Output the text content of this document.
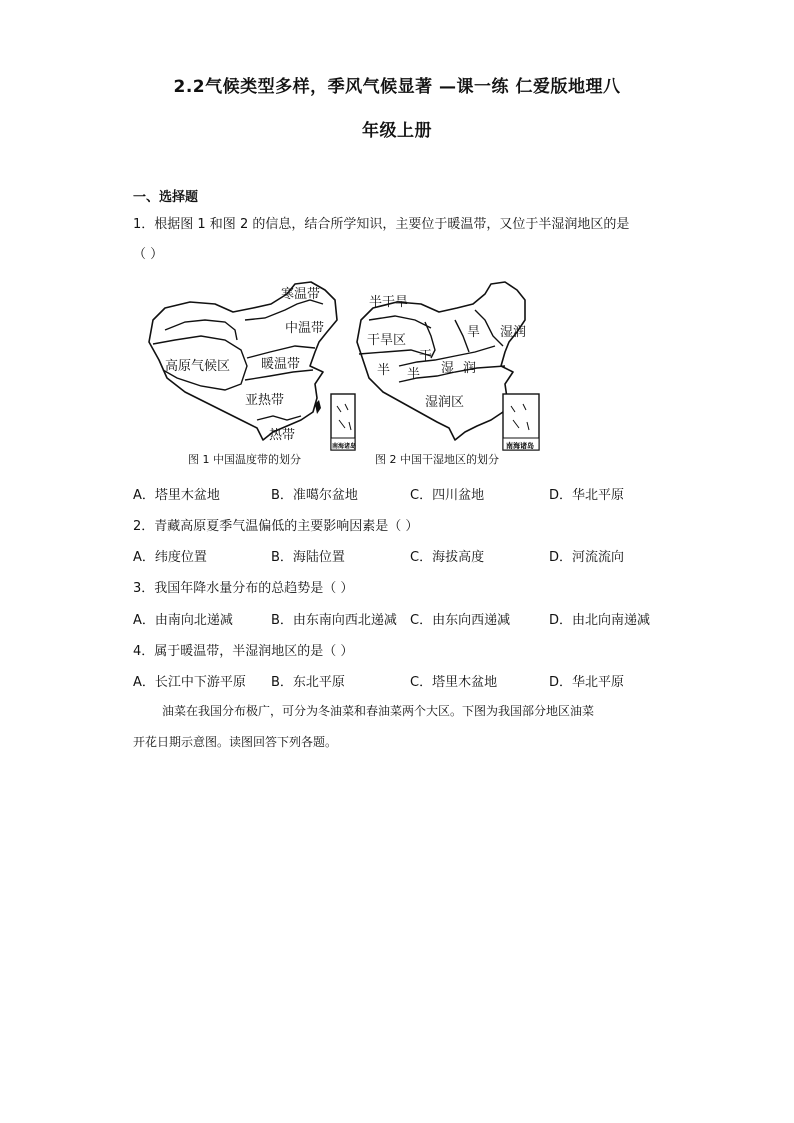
2.2气候类型多样，季风气候显著 —课一练 仁爱版地理八
年级上册
一、选择题
1．根据图 1 和图 2 的信息，结合所学知识，主要位于暖温带，又位于半湿润地区的是
（ ）
寒温带
中温带
高原气候区 暖温带
亚热带
热带
南海诸岛
半干旱
干旱区
旱 湿润
半 半 湿 润
干
湿润区
南海诸岛
图 1 中国温度带的划分	图 2 中国干湿地区的划分
A．塔里木盆地	B．准噶尔盆地	C．四川盆地	D．华北平原
2．青藏高原夏季气温偏低的主要影响因素是（ ）
A．纬度位置	B．海陆位置	C．海拔高度	D．河流流向
3．我国年降水量分布的总趋势是（ ）
A．由南向北递减	B．由东南向西北递减 C．由东向西递减	D．由北向南递减
4．属于暖温带，半湿润地区的是（ ）
A．长江中下游平原 B．东北平原	C．塔里木盆地	D．华北平原
油菜在我国分布极广，可分为冬油菜和春油菜两个大区。下图为我国部分地区油菜
开花日期示意图。读图回答下列各题。
